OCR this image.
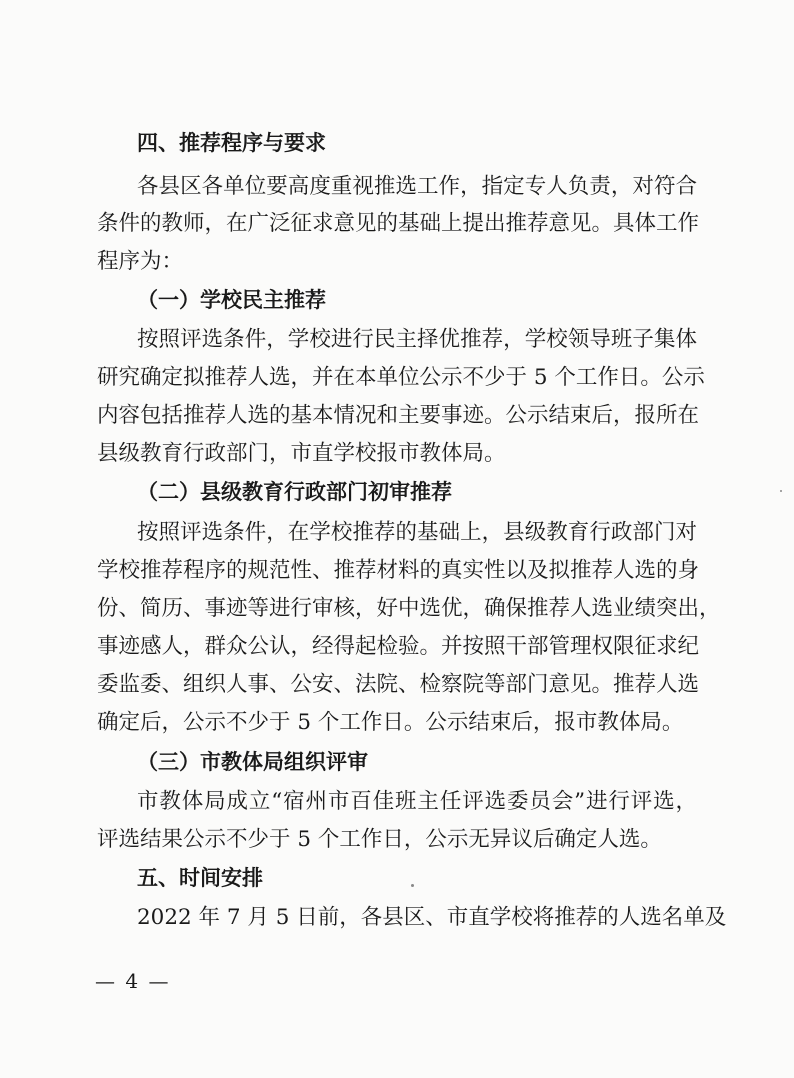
四、推荐程序与要求
各县区各单位要高度重视推选工作，指定专人负责，对符合
条件的教师，在广泛征求意见的基础上提出推荐意见。具体工作
程序为：
（一）学校民主推荐
按照评选条件，学校进行民主择优推荐，学校领导班子集体
研究确定拟推荐人选，并在本单位公示不少于 5 个工作日。公示
内容包括推荐人选的基本情况和主要事迹。公示结束后，报所在
县级教育行政部门，市直学校报市教体局。
（二）县级教育行政部门初审推荐
按照评选条件，在学校推荐的基础上，县级教育行政部门对
学校推荐程序的规范性、推荐材料的真实性以及拟推荐人选的身
份、简历、事迹等进行审核，好中选优，确保推荐人选业绩突出，
事迹感人，群众公认，经得起检验。并按照干部管理权限征求纪
委监委、组织人事、公安、法院、检察院等部门意见。推荐人选
确定后，公示不少于 5 个工作日。公示结束后，报市教体局。
（三）市教体局组织评审
市教体局成立“宿州市百佳班主任评选委员会”进行评选，
评选结果公示不少于 5 个工作日，公示无异议后确定人选。
五、时间安排
2022 年 7 月 5 日前，各县区、市直学校将推荐的人选名单及
— 4 —
